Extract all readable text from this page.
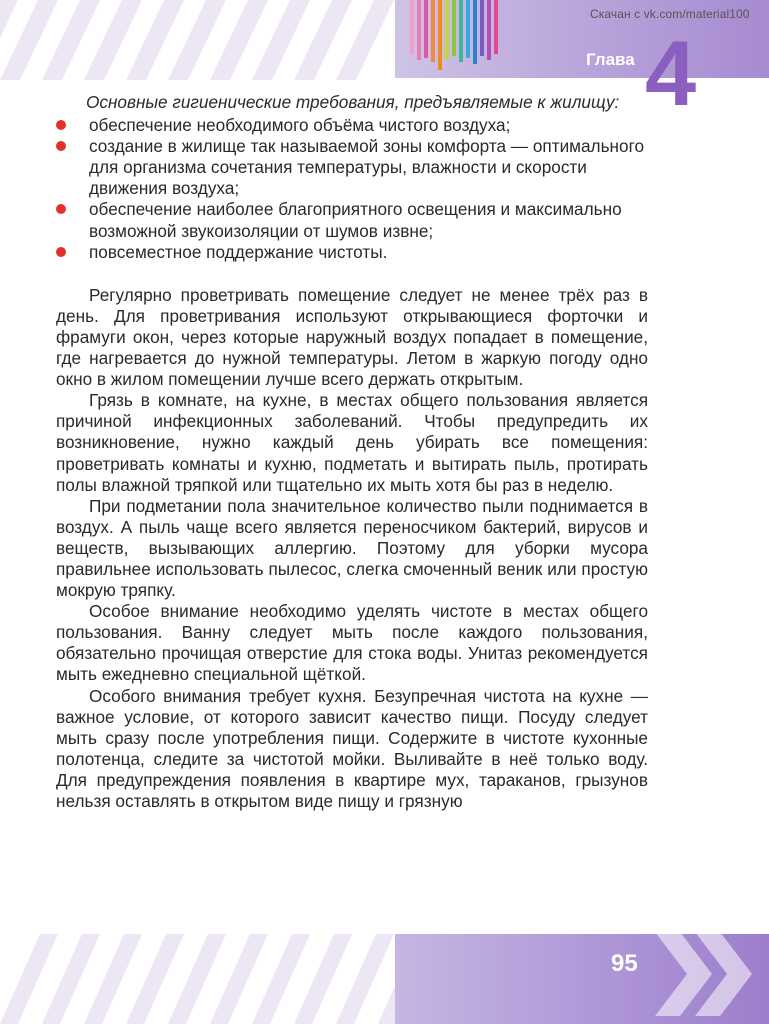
Скачан с vk.com/material100
Глава 4

Основные гигиенические требования, предъявляемые к жилищу:

обеспечение необходимого объёма чистого воздуха;
создание в жилище так называемой зоны комфорта — оптимального для организма сочетания температуры, влажности и скорости движения воздуха;
обеспечение наиболее благоприятного освещения и максимально возможной звукоизоляции от шумов извне;
повсеместное поддержание чистоты.

Регулярно проветривать помещение следует не менее трёх раз в день. Для проветривания используют открывающиеся форточки и фрамуги окон, через которые наружный воздух попадает в помещение, где нагревается до нужной температуры. Летом в жаркую погоду одно окно в жилом помещении лучше всего держать открытым.

Грязь в комнате, на кухне, в местах общего пользования является причиной инфекционных заболеваний. Чтобы предупредить их возникновение, нужно каждый день убирать все помещения: проветривать комнаты и кухню, подметать и вытирать пыль, протирать полы влажной тряпкой или тщательно их мыть хотя бы раз в неделю.

При подметании пола значительное количество пыли поднимается в воздух. А пыль чаще всего является переносчиком бактерий, вирусов и веществ, вызывающих аллергию. Поэтому для уборки мусора правильнее использовать пылесос, слегка смоченный веник или простую мокрую тряпку.

Особое внимание необходимо уделять чистоте в местах общего пользования. Ванну следует мыть после каждого пользования, обязательно прочищая отверстие для стока воды. Унитаз рекомендуется мыть ежедневно специальной щёткой.

Особого внимания требует кухня. Безупречная чистота на кухне — важное условие, от которого зависит качество пищи. Посуду следует мыть сразу после употребления пищи. Содержите в чистоте кухонные полотенца, следите за чистотой мойки. Выливайте в неё только воду. Для предупреждения появления в квартире мух, тараканов, грызунов нельзя оставлять в открытом виде пищу и грязную

95
